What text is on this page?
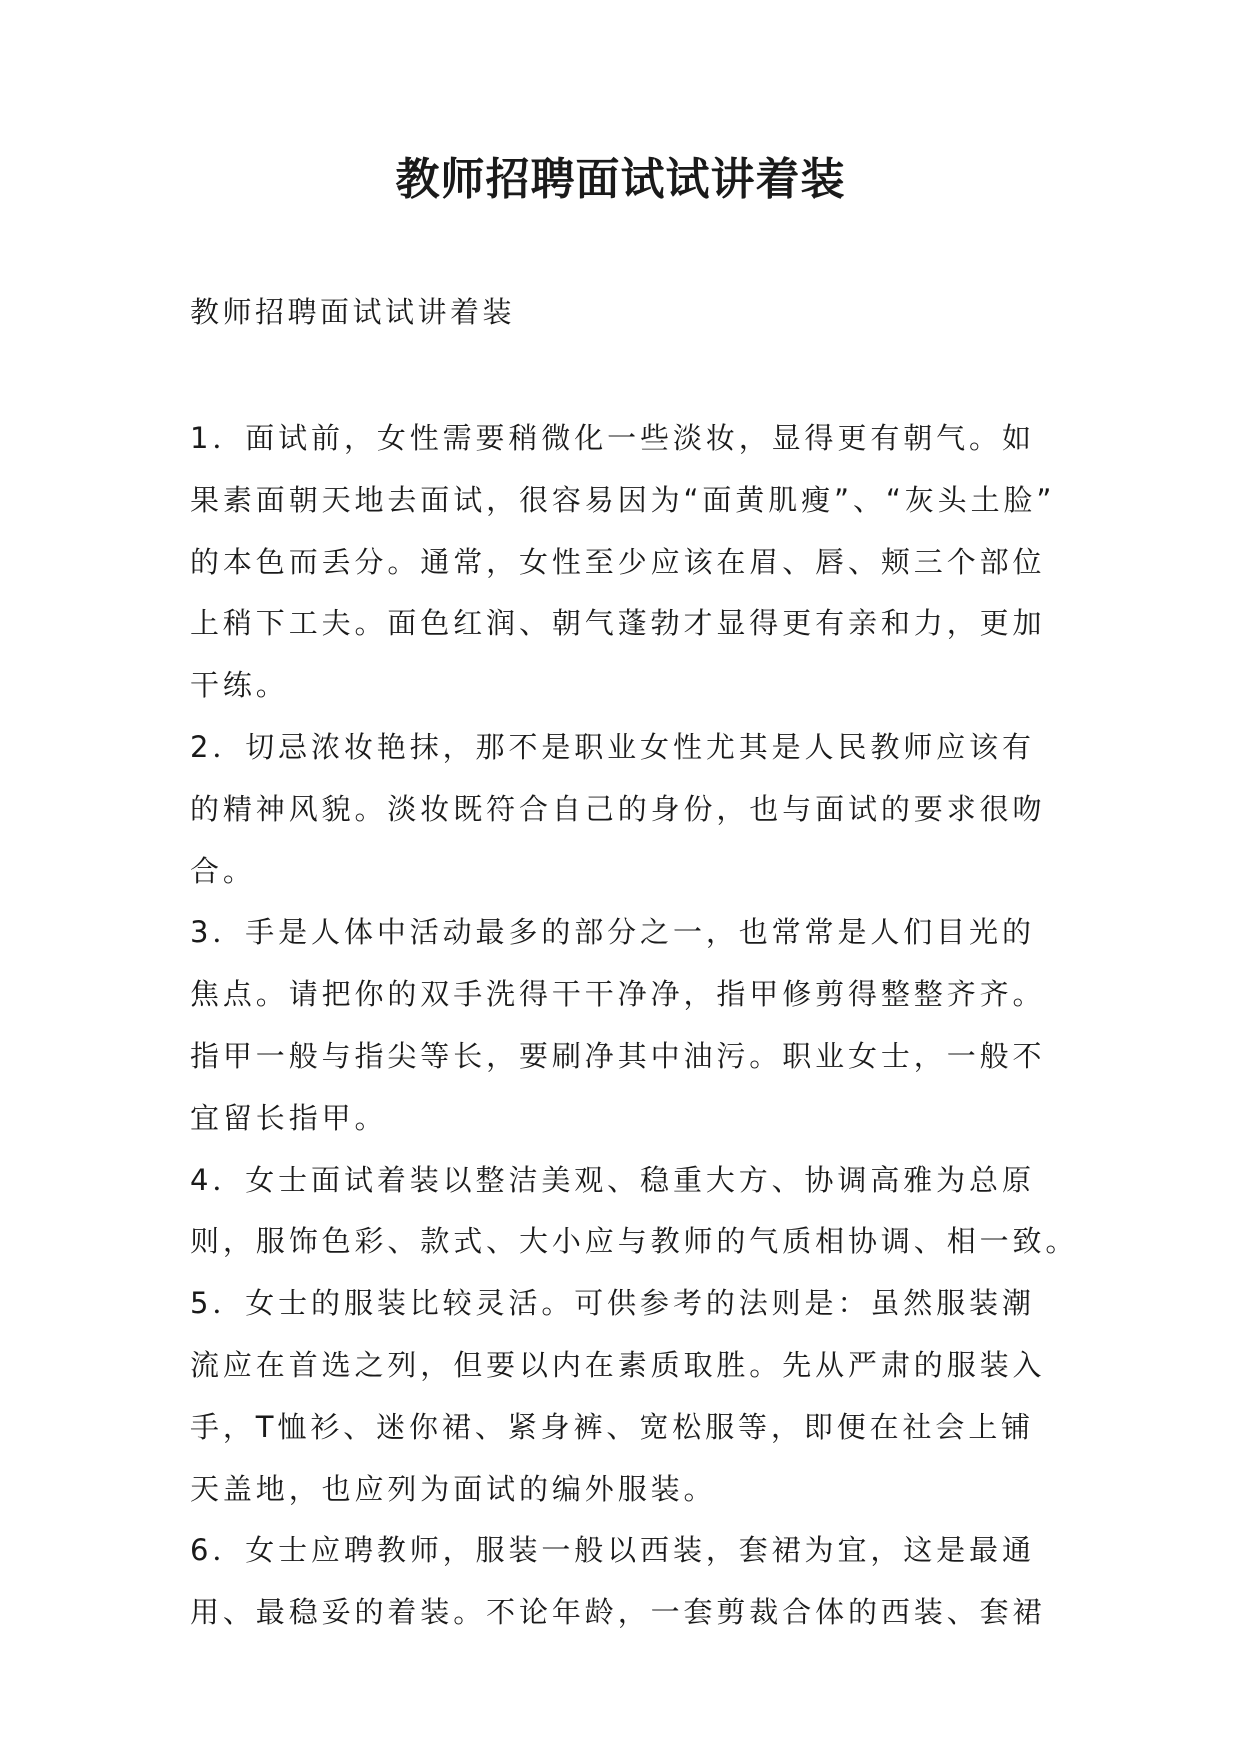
教师招聘面试试讲着装
教师招聘面试试讲着装
1．面试前，女性需要稍微化一些淡妆，显得更有朝气。如
果素面朝天地去面试，很容易因为“面黄肌瘦”、“灰头土脸”
的本色而丢分。通常，女性至少应该在眉、唇、颊三个部位
上稍下工夫。面色红润、朝气蓬勃才显得更有亲和力，更加
干练。
2．切忌浓妆艳抹，那不是职业女性尤其是人民教师应该有
的精神风貌。淡妆既符合自己的身份，也与面试的要求很吻
合。
3．手是人体中活动最多的部分之一，也常常是人们目光的
焦点。请把你的双手洗得干干净净，指甲修剪得整整齐齐。
指甲一般与指尖等长，要刷净其中油污。职业女士，一般不
宜留长指甲。
4．女士面试着装以整洁美观、稳重大方、协调高雅为总原
则，服饰色彩、款式、大小应与教师的气质相协调、相一致。
5．女士的服装比较灵活。可供参考的法则是：虽然服装潮
流应在首选之列，但要以内在素质取胜。先从严肃的服装入
手，T恤衫、迷你裙、紧身裤、宽松服等，即便在社会上铺
天盖地，也应列为面试的编外服装。
6．女士应聘教师，服装一般以西装，套裙为宜，这是最通
用、最稳妥的着装。不论年龄，一套剪裁合体的西装、套裙
